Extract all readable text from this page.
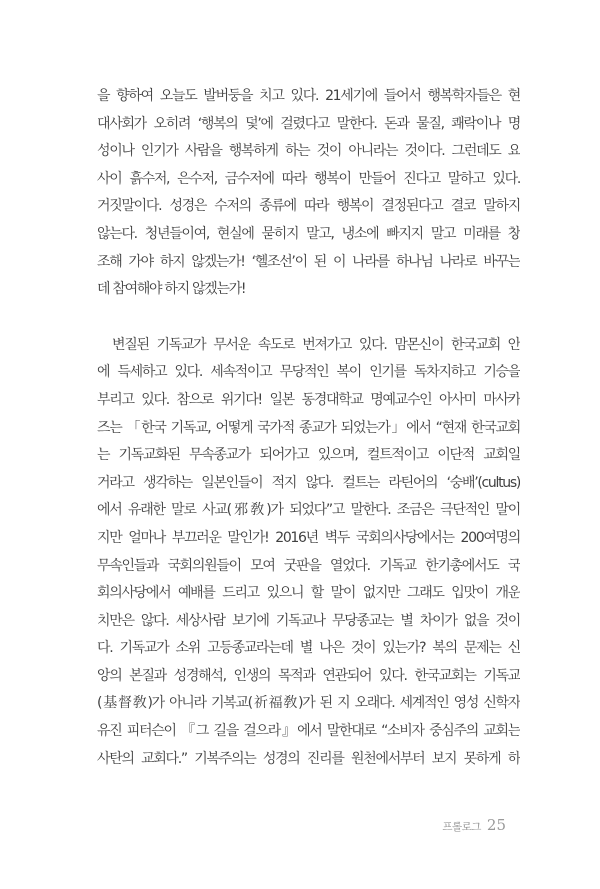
을 향하여 오늘도 발버둥을 치고 있다. 21세기에 들어서 행복학자들은 현
대사회가 오히려 ‘행복의 덫’에 걸렸다고 말한다. 돈과 물질, 쾌락이나 명
성이나 인기가 사람을 행복하게 하는 것이 아니라는 것이다. 그런데도 요
사이 흙수저, 은수저, 금수저에 따라 행복이 만들어 진다고 말하고 있다.
거짓말이다. 성경은 수저의 종류에 따라 행복이 결정된다고 결코 말하지
않는다. 청년들이여, 현실에 묻히지 말고, 냉소에 빠지지 말고 미래를 창
조해 가야 하지 않겠는가! ‘헬조선’이 된 이 나라를 하나님 나라로 바꾸는
데 참여해야 하지 않겠는가!
변질된 기독교가 무서운 속도로 번져가고 있다. 맘몬신이 한국교회 안
에 득세하고 있다. 세속적이고 무당적인 복이 인기를 독차지하고 기승을
부리고 있다. 참으로 위기다! 일본 동경대학교 명예교수인 아사미 마사카
즈는 「한국 기독교, 어떻게 국가적 종교가 되었는가」에서 “현재 한국교회
는 기독교화된 무속종교가 되어가고 있으며, 컬트적이고 이단적 교회일
거라고 생각하는 일본인들이 적지 않다. 컬트는 라틴어의 ‘숭배’(cultus)
에서 유래한 말로 사교(邪敎)가 되었다”고 말한다. 조금은 극단적인 말이
지만 얼마나 부끄러운 말인가! 2016년 벽두 국회의사당에서는 200여명의
무속인들과 국회의원들이 모여 굿판을 열었다. 기독교 한기총에서도 국
회의사당에서 예배를 드리고 있으니 할 말이 없지만 그래도 입맛이 개운
치만은 않다. 세상사람 보기에 기독교나 무당종교는 별 차이가 없을 것이
다. 기독교가 소위 고등종교라는데 별 나은 것이 있는가? 복의 문제는 신
앙의 본질과 성경해석, 인생의 목적과 연관되어 있다. 한국교회는 기독교
(基督敎)가 아니라 기복교(祈福敎)가 된 지 오래다. 세계적인 영성 신학자
유진 피터슨이 『그 길을 걸으라』에서 말한대로 “소비자 중심주의 교회는
사탄의 교회다.” 기복주의는 성경의 진리를 원천에서부터 보지 못하게 하
프롤로그 25
